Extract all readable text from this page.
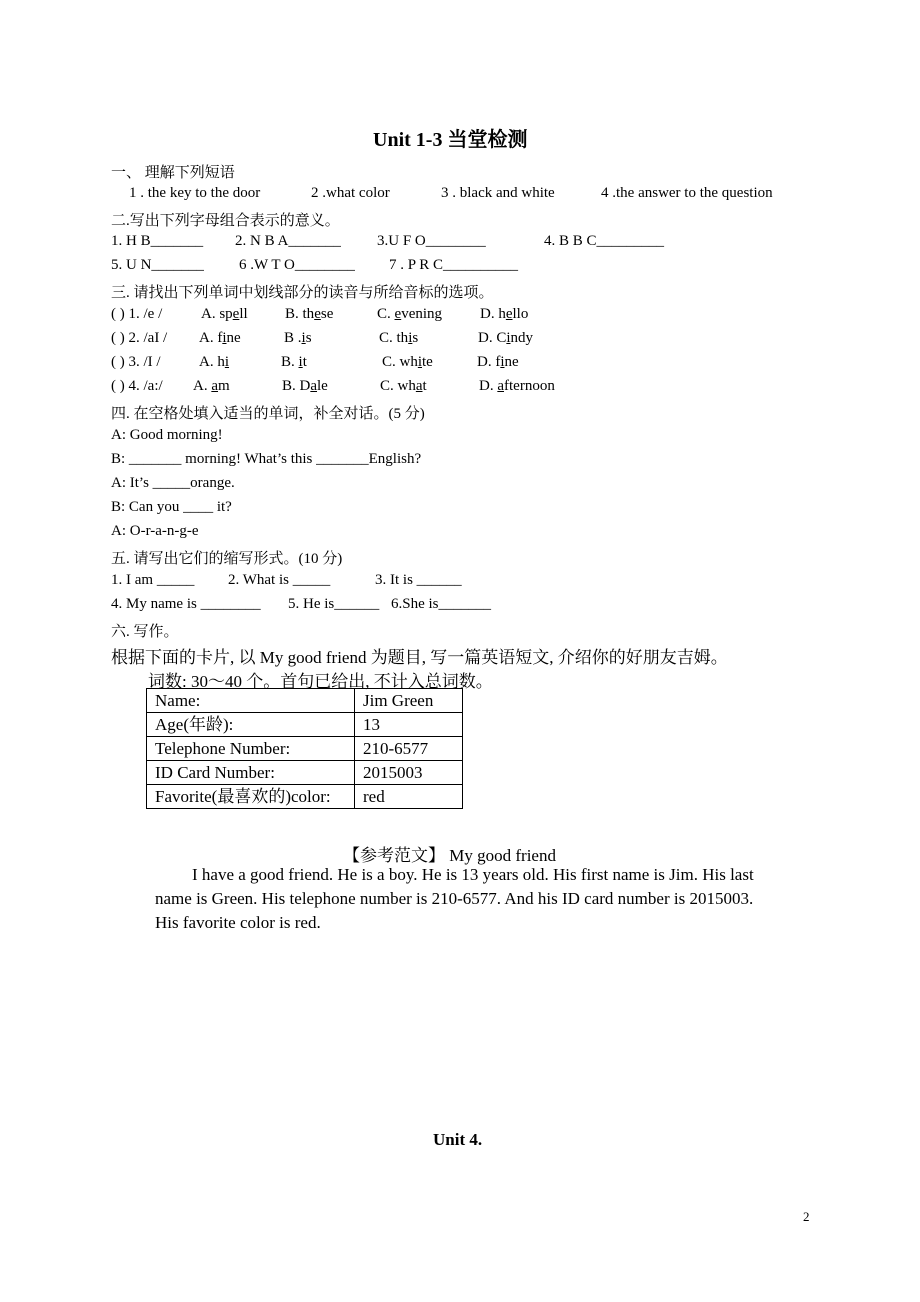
Unit 1-3 当堂检测
一、 理解下列短语
1 . the key to the door	2 .what color	3 . black and white	4 .the answer to the question
二.写出下列字母组合表示的意义。
1. H B_______ 2. N B A_______ 3.U F O________	4. B B C_________
5. U N_______ 6 .W T O________ 7 . P R C__________
三. 请找出下列单词中划线部分的读音与所给音标的选项。
( ) 1. /e /	A. spell B. these	C. evening	D. hello
( ) 2. /aI / A. fine	B .is	C. this	D. Cindy
( ) 3. /I /	A. hi	B. it	C. white	D. fine
( ) 4. /a:/ A. am	B. Dale	C. what	D. afternoon
四. 在空格处填入适当的单词，补全对话。(5 分)
A: Good morning!
B: _______ morning! What’s this _______English?
A: It’s _____orange.
B: Can you ____ it?
A: O-r-a-n-g-e
五. 请写出它们的缩写形式。(10 分)
1. I am _____ 2. What is _____	3. It is ______
4. My name is ________ 5. He is______ 6.She is_______
六. 写作。
根据下面的卡片, 以 My good friend 为题目, 写一篇英语短文, 介绍你的好朋友吉姆。
词数: 30～40 个。首句已给出, 不计入总词数。
Name:	Jim Green
Age(年龄):	13
Telephone Number:	210-6577
ID Card Number:	2015003
Favorite(最喜欢的)color:	red
【参考范文】 My good friend
I have a good friend. He is a boy. He is 13 years old. His first name is Jim. His last
name is Green. His telephone number is 210-6577. And his ID card number is 2015003.
His favorite color is red.
Unit 4.
2
